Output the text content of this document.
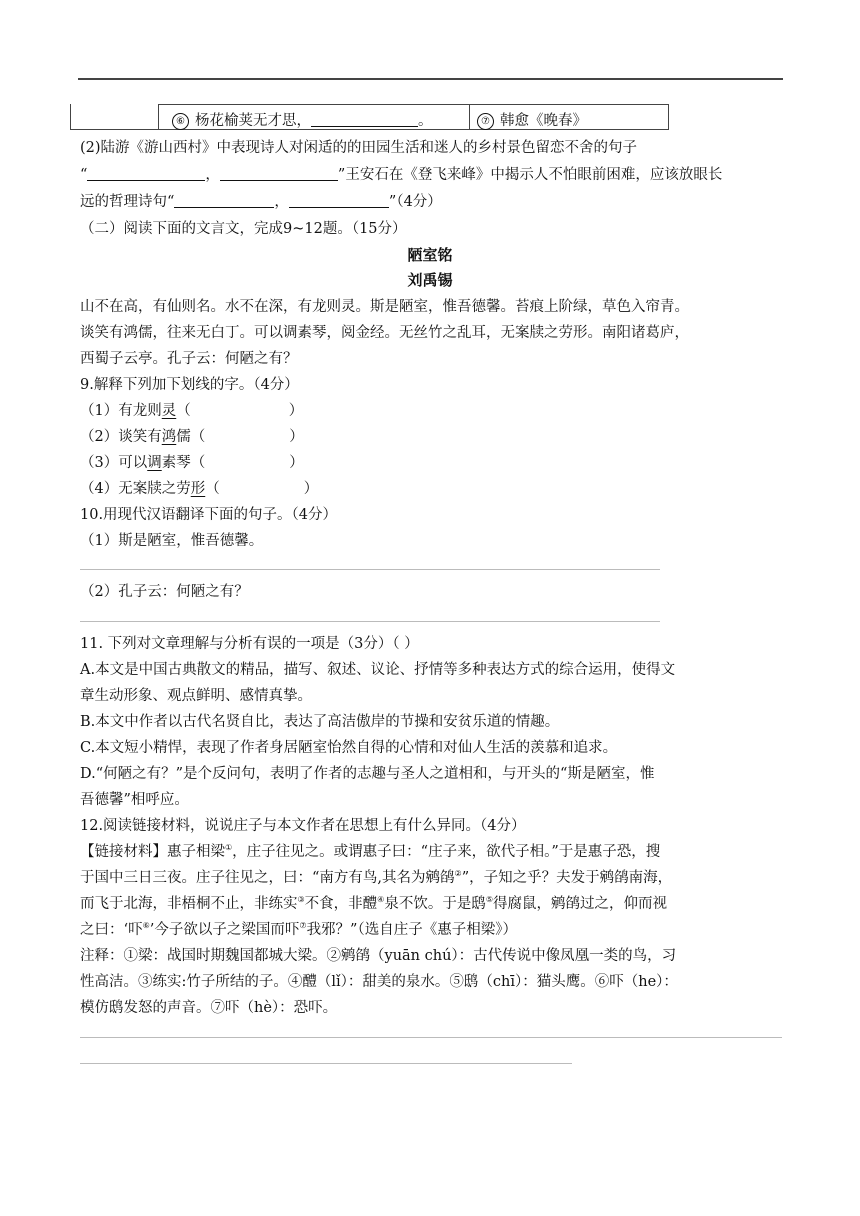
⑥ 杨花榆荚无才思，	。	⑦ 韩愈《晚春》
(2)陆游《游山西村》中表现诗人对闲适的的田园生活和迷人的乡村景色留恋不舍的句子
“	，	”王安石在《登飞来峰》中揭示人不怕眼前困难，应该放眼长
远的哲理诗句“	，	”（4分）
（二）阅读下面的文言文，完成9~12题。（15分）
陋室铭
刘禹锡
山不在高，有仙则名。水不在深，有龙则灵。斯是陋室，惟吾德馨。苔痕上阶绿，草色入帘青。
谈笑有鸿儒，往来无白丁。可以调素琴，阅金经。无丝竹之乱耳，无案牍之劳形。南阳诸葛庐，
西蜀子云亭。孔子云：何陋之有？
9.解释下列加下划线的字。（4分）
（1）有龙则灵（	）
（2）谈笑有鸿儒（	）
（3）可以调素琴（	）
（4）无案牍之劳形（	）
10.用现代汉语翻译下面的句子。（4分）
（1）斯是陋室，惟吾德馨。
（2）孔子云：何陋之有？
11. 下列对文章理解与分析有误的一项是（3分）（ ）
A.本文是中国古典散文的精品，描写、叙述、议论、抒情等多种表达方式的综合运用，使得文
章生动形象、观点鲜明、感情真挚。
B.本文中作者以古代名贤自比，表达了高洁傲岸的节操和安贫乐道的情趣。
C.本文短小精悍，表现了作者身居陋室怡然自得的心情和对仙人生活的羡慕和追求。
D.“何陋之有？”是个反问句，表明了作者的志趣与圣人之道相和，与开头的“斯是陋室，惟
吾德馨”相呼应。
12.阅读链接材料，说说庄子与本文作者在思想上有什么异同。（4分）
【链接材料】惠子相梁①，庄子往见之。或谓惠子曰：“庄子来，欲代子相。”于是惠子恐，搜
于国中三日三夜。庄子往见之，曰：“南方有鸟,其名为鹓鹐②”，子知之乎？夫发于鹓鹐南海，
而飞于北海，非梧桐不止，非练实③不食，非醴④泉不饮。于是鸱⑤得腐鼠，鹓鹐过之，仰而视
之曰：‘吓⑥’今子欲以子之梁国而吓⑦我邪？”（选自庄子《惠子相梁》）
注释：①梁：战国时期魏国都城大梁。②鹓鹐（yuān chú）：古代传说中像凤凰一类的鸟，习
性高洁。③练实:竹子所结的子。④醴（lǐ）：甜美的泉水。⑤鸱（chī）：猫头鹰。⑥吓（he）：
模仿鸱发怒的声音。⑦吓（hè）：恐吓。
